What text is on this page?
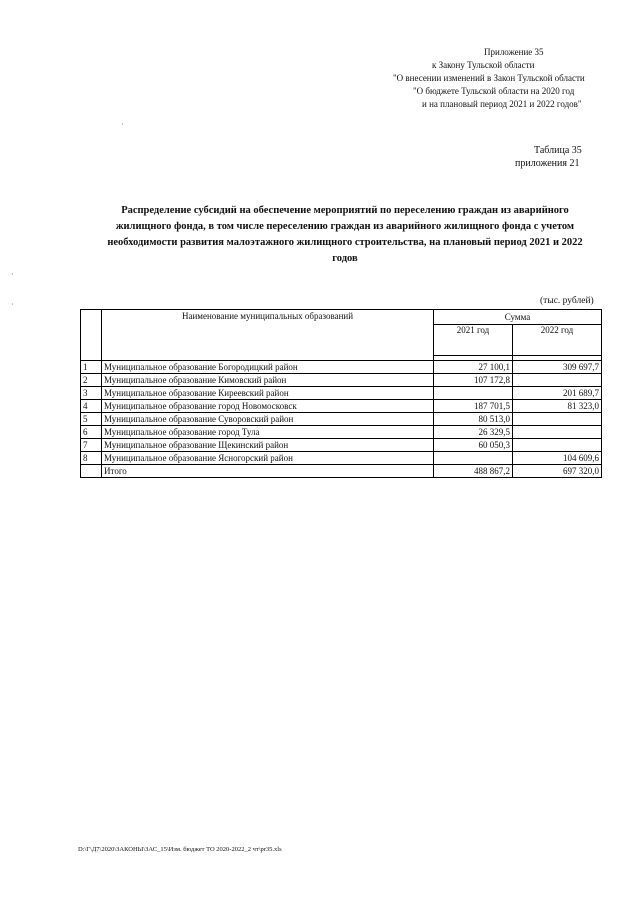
Приложение 35
к Закону Тульской области
"О внесении изменений в Закон Тульской области
"О бюджете Тульской области на 2020 год
и на плановый период 2021 и 2022 годов"
Таблица 35
приложения 21
Распределение субсидий на обеспечение мероприятий по переселению граждан из аварийного жилищного фонда, в том числе переселению граждан из аварийного жилищного фонда с учетом необходимости развития малоэтажного жилищного строительства, на плановый период 2021 и 2022 годов
(тыс. рублей)
	Наименование муниципальных образований	Сумма	
		2021 год	2022 год

1	Муниципальное образование Богородицкий район	27 100,1	309 697,7
2	Муниципальное образование Кимовский район	107 172,8	
3	Муниципальное образование Киреевский район		201 689,7
4	Муниципальное образование город Новомосковск	187 701,5	81 323,0
5	Муниципальное образование Суворовский район	80 513,0	
6	Муниципальное образование город Тула	26 329,5	
7	Муниципальное образование Щекинский район	60 050,3	
8	Муниципальное образование Ясногорский район		104 609,6
	Итого	488 867,2	697 320,0
D:\Г\Д7\2020\ЗАКОНЫ\ЗАС_15\Изм. бюджет ТО 2020-2022_2 чт\pr35.xls
·
·
·
